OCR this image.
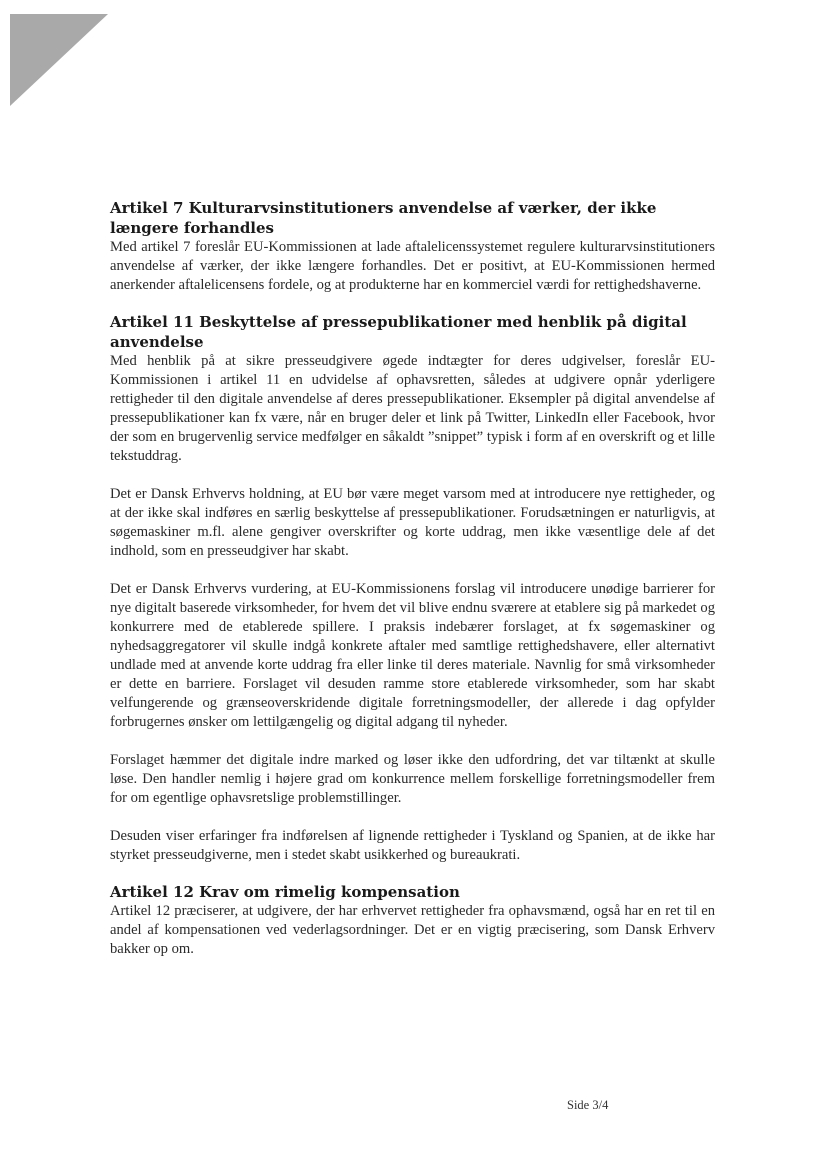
Artikel 7 Kulturarvsinstitutioners anvendelse af værker, der ikke længere forhandles

Med artikel 7 foreslår EU-Kommissionen at lade aftalelicenssystemet regulere kulturarvsinstitutioners anvendelse af værker, der ikke længere forhandles. Det er positivt, at EU-Kommissionen hermed anerkender aftalelicensens fordele, og at produkterne har en kommerciel værdi for rettighedshaverne.

Artikel 11 Beskyttelse af pressepublikationer med henblik på digital anvendelse

Med henblik på at sikre presseudgivere øgede indtægter for deres udgivelser, foreslår EU-Kommissionen i artikel 11 en udvidelse af ophavsretten, således at udgivere opnår yderligere rettigheder til den digitale anvendelse af deres pressepublikationer. Eksempler på digital anvendelse af pressepublikationer kan fx være, når en bruger deler et link på Twitter, LinkedIn eller Facebook, hvor der som en brugervenlig service medfølger en såkaldt ”snippet” typisk i form af en overskrift og et lille tekstuddrag.

Det er Dansk Erhvervs holdning, at EU bør være meget varsom med at introducere nye rettigheder, og at der ikke skal indføres en særlig beskyttelse af pressepublikationer. Forudsætningen er naturligvis, at søgemaskiner m.fl. alene gengiver overskrifter og korte uddrag, men ikke væsentlige dele af det indhold, som en presseudgiver har skabt.

Det er Dansk Erhvervs vurdering, at EU-Kommissionens forslag vil introducere unødige barrierer for nye digitalt baserede virksomheder, for hvem det vil blive endnu sværere at etablere sig på markedet og konkurrere med de etablerede spillere. I praksis indebærer forslaget, at fx søgemaskiner og nyhedsaggregatorer vil skulle indgå konkrete aftaler med samtlige rettighedshavere, eller alternativt undlade med at anvende korte uddrag fra eller linke til deres materiale. Navnlig for små virksomheder er dette en barriere. Forslaget vil desuden ramme store etablerede virksomheder, som har skabt velfungerende og grænseoverskridende digitale forretningsmodeller, der allerede i dag opfylder forbrugernes ønsker om lettilgængelig og digital adgang til nyheder.

Forslaget hæmmer det digitale indre marked og løser ikke den udfordring, det var tiltænkt at skulle løse. Den handler nemlig i højere grad om konkurrence mellem forskellige forretningsmodeller frem for om egentlige ophavsretslige problemstillinger.

Desuden viser erfaringer fra indførelsen af lignende rettigheder i Tyskland og Spanien, at de ikke har styrket presseudgiverne, men i stedet skabt usikkerhed og bureaukrati.

Artikel 12 Krav om rimelig kompensation

Artikel 12 præciserer, at udgivere, der har erhvervet rettigheder fra ophavsmænd, også har en ret til en andel af kompensationen ved vederlagsordninger. Det er en vigtig præcisering, som Dansk Erhverv bakker op om.

Side 3/4
